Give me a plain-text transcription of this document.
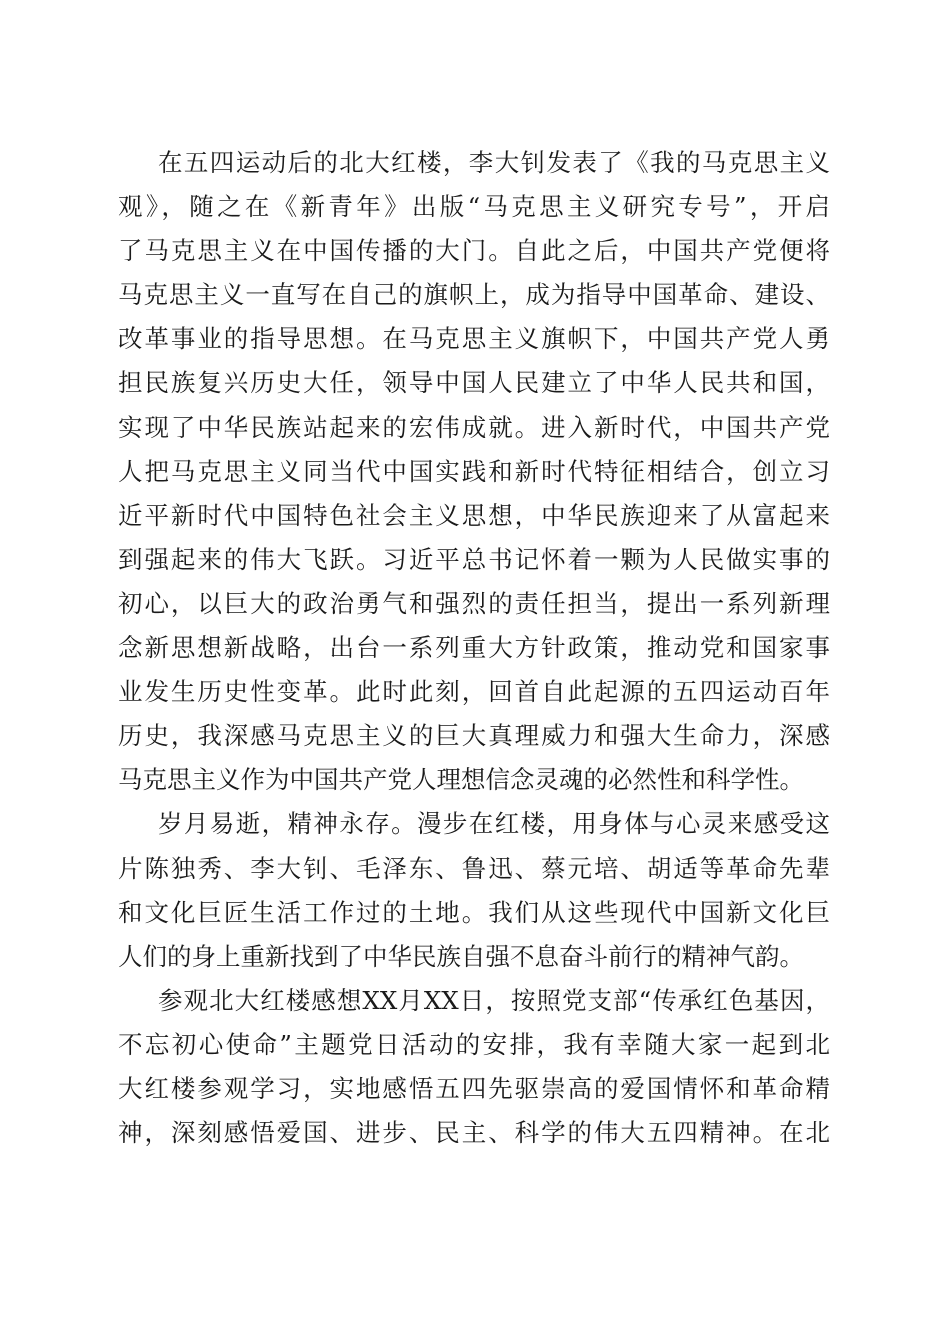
在五四运动后的北大红楼，李大钊发表了《我的马克思主义
观》，随之在《新青年》出版“马克思主义研究专号”，开启
了马克思主义在中国传播的大门。自此之后，中国共产党便将
马克思主义一直写在自己的旗帜上，成为指导中国革命、建设、
改革事业的指导思想。在马克思主义旗帜下，中国共产党人勇
担民族复兴历史大任，领导中国人民建立了中华人民共和国，
实现了中华民族站起来的宏伟成就。进入新时代，中国共产党
人把马克思主义同当代中国实践和新时代特征相结合，创立习
近平新时代中国特色社会主义思想，中华民族迎来了从富起来
到强起来的伟大飞跃。习近平总书记怀着一颗为人民做实事的
初心，以巨大的政治勇气和强烈的责任担当，提出一系列新理
念新思想新战略，出台一系列重大方针政策，推动党和国家事
业发生历史性变革。此时此刻，回首自此起源的五四运动百年
历史，我深感马克思主义的巨大真理威力和强大生命力，深感
马克思主义作为中国共产党人理想信念灵魂的必然性和科学性。
岁月易逝，精神永存。漫步在红楼，用身体与心灵来感受这
片陈独秀、李大钊、毛泽东、鲁迅、蔡元培、胡适等革命先辈
和文化巨匠生活工作过的土地。我们从这些现代中国新文化巨
人们的身上重新找到了中华民族自强不息奋斗前行的精神气韵。
参观北大红楼感想XX月XX日，按照党支部“传承红色基因，
不忘初心使命”主题党日活动的安排，我有幸随大家一起到北
大红楼参观学习，实地感悟五四先驱崇高的爱国情怀和革命精
神，深刻感悟爱国、进步、民主、科学的伟大五四精神。在北
